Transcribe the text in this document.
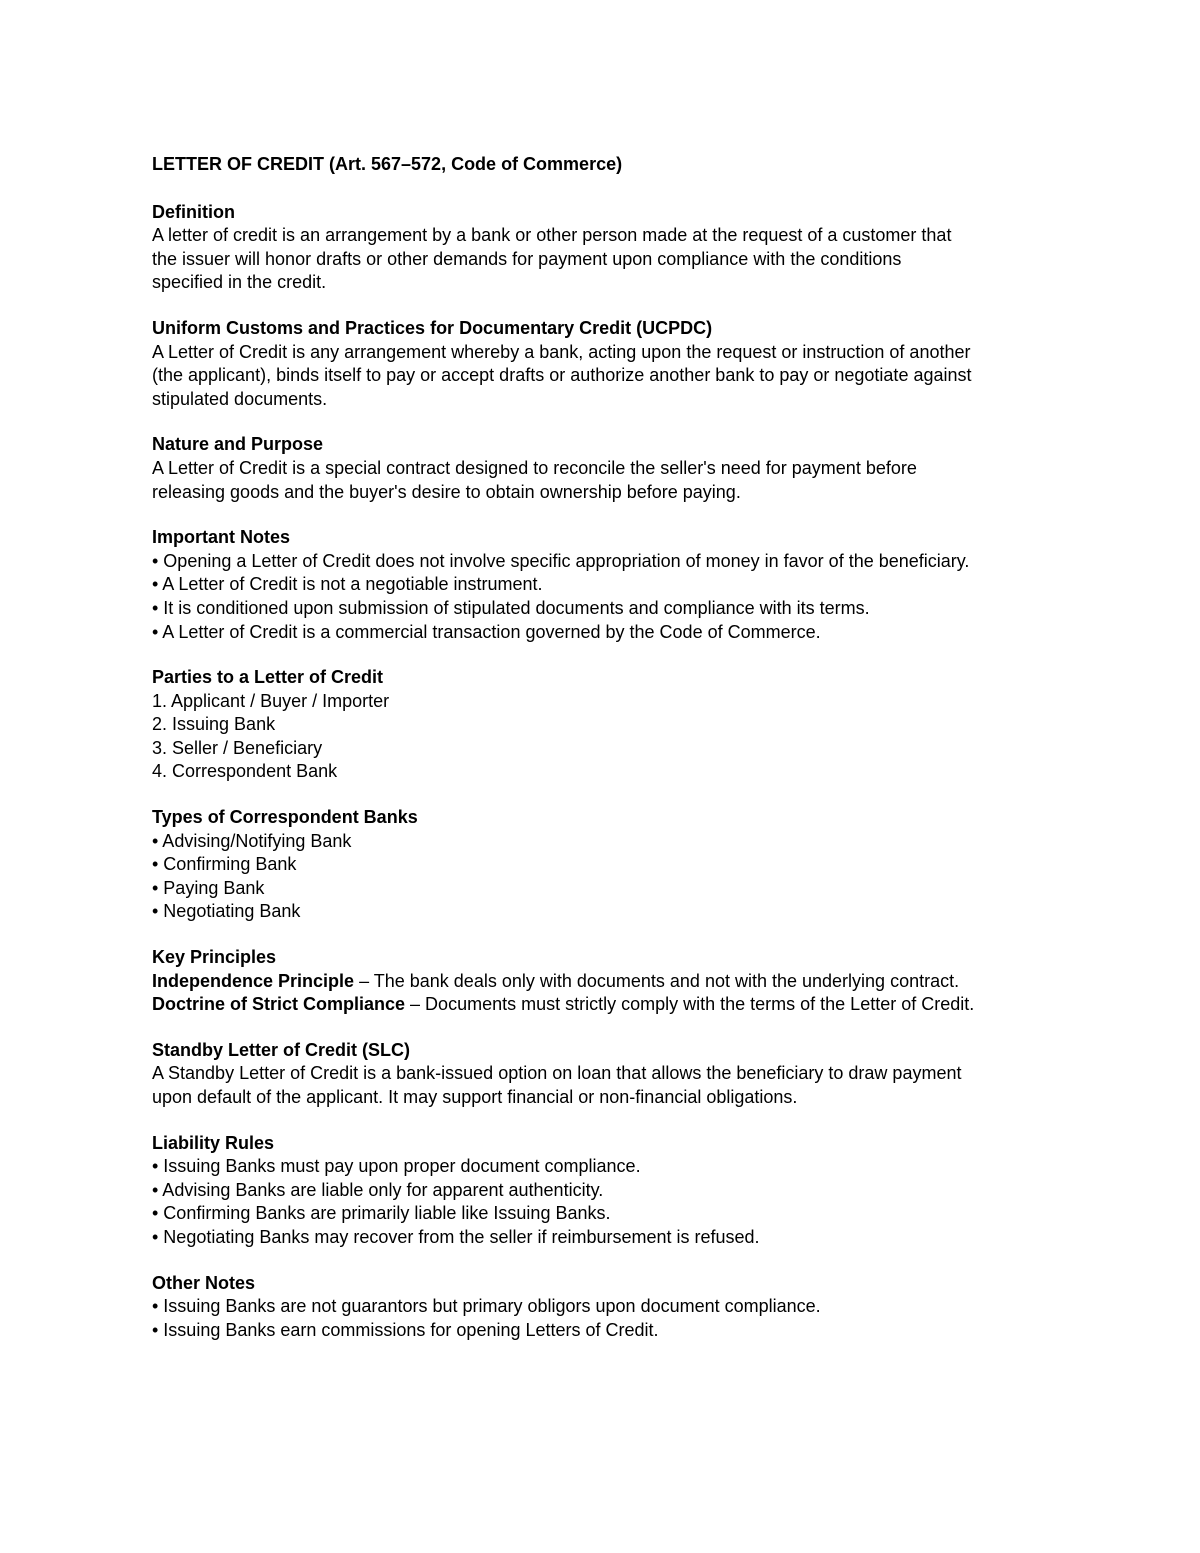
LETTER OF CREDIT (Art. 567–572, Code of Commerce)

Definition

A letter of credit is an arrangement by a bank or other person made at the request of a customer that

the issuer will honor drafts or other demands for payment upon compliance with the conditions

specified in the credit.

Uniform Customs and Practices for Documentary Credit (UCPDC)

A Letter of Credit is any arrangement whereby a bank, acting upon the request or instruction of another

(the applicant), binds itself to pay or accept drafts or authorize another bank to pay or negotiate against

stipulated documents.

Nature and Purpose

A Letter of Credit is a special contract designed to reconcile the seller's need for payment before

releasing goods and the buyer's desire to obtain ownership before paying.

Important Notes

• Opening a Letter of Credit does not involve specific appropriation of money in favor of the beneficiary.
• A Letter of Credit is not a negotiable instrument.
• It is conditioned upon submission of stipulated documents and compliance with its terms.
• A Letter of Credit is a commercial transaction governed by the Code of Commerce.

Parties to a Letter of Credit

1. Applicant / Buyer / Importer
2. Issuing Bank
3. Seller / Beneficiary
4. Correspondent Bank

Types of Correspondent Banks

• Advising/Notifying Bank
• Confirming Bank
• Paying Bank
• Negotiating Bank

Key Principles

Independence Principle – The bank deals only with documents and not with the underlying contract.

Doctrine of Strict Compliance – Documents must strictly comply with the terms of the Letter of Credit.

Standby Letter of Credit (SLC)

A Standby Letter of Credit is a bank-issued option on loan that allows the beneficiary to draw payment

upon default of the applicant. It may support financial or non-financial obligations.

Liability Rules

• Issuing Banks must pay upon proper document compliance.
• Advising Banks are liable only for apparent authenticity.
• Confirming Banks are primarily liable like Issuing Banks.
• Negotiating Banks may recover from the seller if reimbursement is refused.

Other Notes

• Issuing Banks are not guarantors but primary obligors upon document compliance.
• Issuing Banks earn commissions for opening Letters of Credit.
